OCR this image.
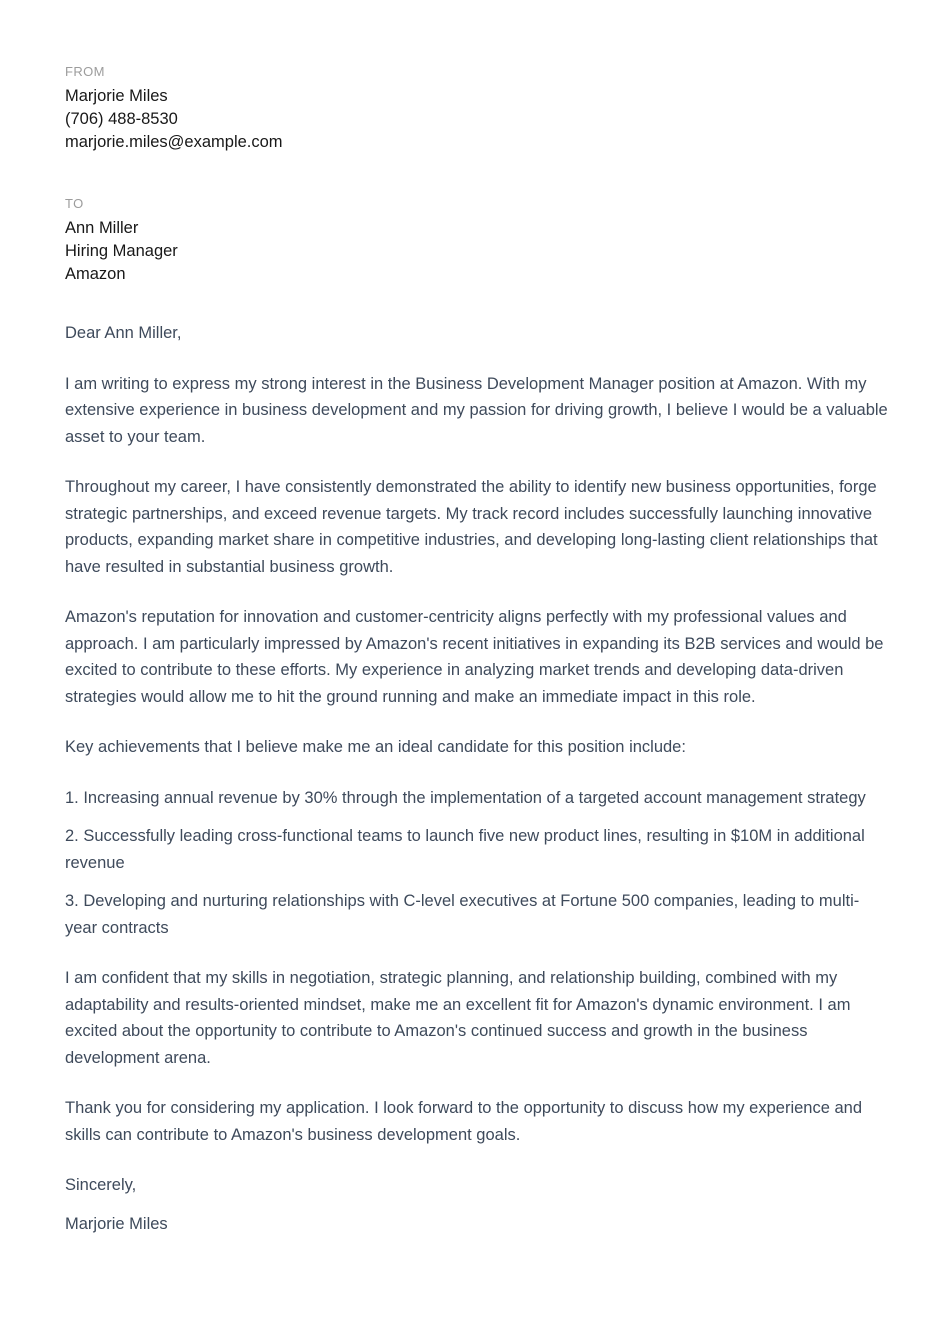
FROM
Marjorie Miles
(706) 488-8530
marjorie.miles@example.com
TO
Ann Miller
Hiring Manager
Amazon

Dear Ann Miller,

I am writing to express my strong interest in the Business Development Manager position at Amazon. With my extensive experience in business development and my passion for driving growth, I believe I would be a valuable asset to your team.

Throughout my career, I have consistently demonstrated the ability to identify new business opportunities, forge strategic partnerships, and exceed revenue targets. My track record includes successfully launching innovative products, expanding market share in competitive industries, and developing long-lasting client relationships that have resulted in substantial business growth.

Amazon's reputation for innovation and customer-centricity aligns perfectly with my professional values and approach. I am particularly impressed by Amazon's recent initiatives in expanding its B2B services and would be excited to contribute to these efforts. My experience in analyzing market trends and developing data-driven strategies would allow me to hit the ground running and make an immediate impact in this role.

Key achievements that I believe make me an ideal candidate for this position include:

1. Increasing annual revenue by 30% through the implementation of a targeted account management strategy

2. Successfully leading cross-functional teams to launch five new product lines, resulting in $10M in additional revenue

3. Developing and nurturing relationships with C-level executives at Fortune 500 companies, leading to multi-year contracts

I am confident that my skills in negotiation, strategic planning, and relationship building, combined with my adaptability and results-oriented mindset, make me an excellent fit for Amazon's dynamic environment. I am excited about the opportunity to contribute to Amazon's continued success and growth in the business development arena.

Thank you for considering my application. I look forward to the opportunity to discuss how my experience and skills can contribute to Amazon's business development goals.

Sincerely,

Marjorie Miles
